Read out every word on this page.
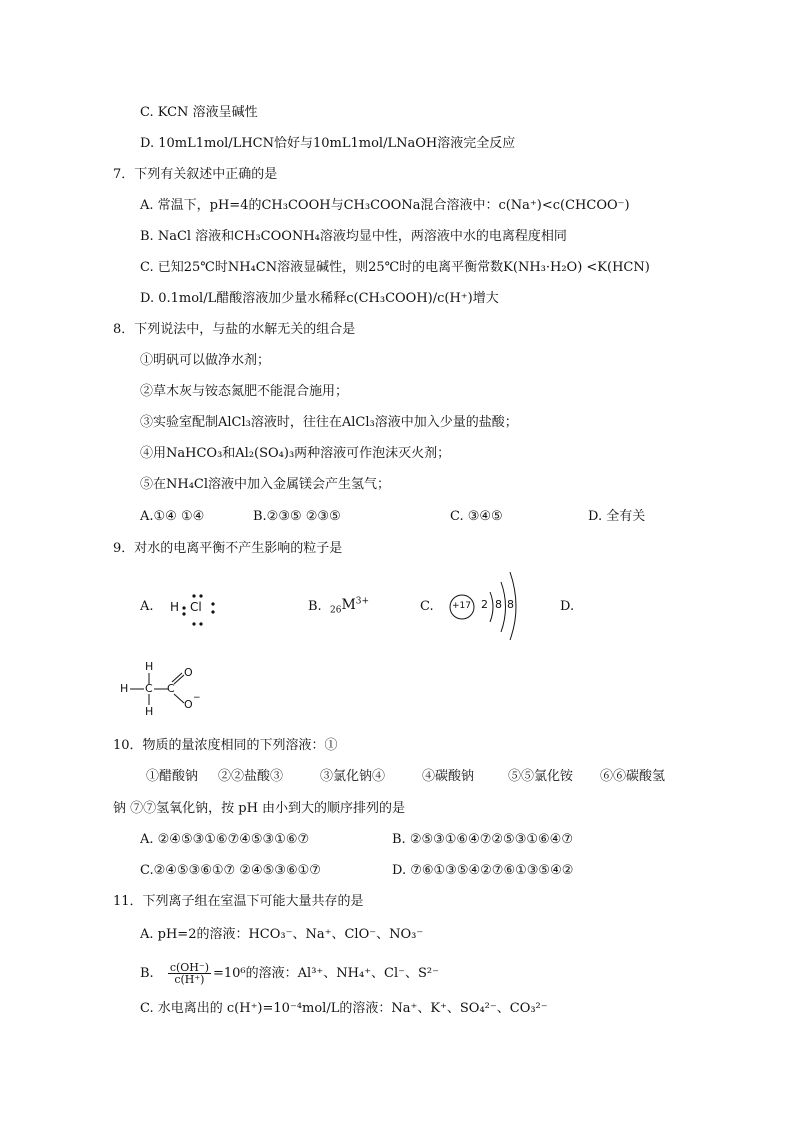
C. KCN 溶液呈碱性
D. 10mL1mol/LHCN恰好与10mL1mol/LNaOH溶液完全反应
7．下列有关叙述中正确的是
A. 常温下，pH=4的CH₃COOH与CH₃COONa混合溶液中：c(Na⁺)<c(CHCOO⁻)
B. NaCl 溶液和CH₃COONH₄溶液均显中性，两溶液中水的电离程度相同
C. 已知25℃时NH₄CN溶液显碱性，则25℃时的电离平衡常数K(NH₃·H₂O) <K(HCN)
D. 0.1mol/L醋酸溶液加少量水稀释c(CH₃COOH)/c(H⁺)增大
8．下列说法中，与盐的水解无关的组合是
①明矾可以做净水剂；
②草木灰与铵态氮肥不能混合施用；
③实验室配制AlCl₃溶液时，往往在AlCl₃溶液中加入少量的盐酸；
④用NaHCO₃和Al₂(SO₄)₃两种溶液可作泡沫灭火剂；
⑤在NH₄Cl溶液中加入金属镁会产生氢气；
A.①④ ①④	B.②③⑤ ②③⑤	C. ③④⑤	D. 全有关
9．对水的电离平衡不产生影响的粒子是
A. H Cl	B. $_{26}M^{3+}$	C. +17 2 8 8	D.
H
H
H
C C
O
O −
10．物质的量浓度相同的下列溶液：①
①醋酸钠 ②②盐酸③	③氯化钠④	④碳酸钠	⑤⑤氯化铵 ⑥⑥碳酸氢
钠 ⑦⑦氢氧化钠，按 pH 由小到大的顺序排列的是
A. ②④⑤③①⑥⑦④⑤③①⑥⑦	B. ②⑤③①⑥④⑦②⑤③①⑥④⑦
C.②④⑤③⑥①⑦ ②④⑤③⑥①⑦	D. ⑦⑥①③⑤④②⑦⑥①③⑤④②
11．下列离子组在室温下可能大量共存的是
A. pH=2的溶液：HCO₃⁻、Na⁺、ClO⁻、NO₃⁻
B. $\frac{c(OH^-)}{c(H^+)} =10^6$的溶液：Al³⁺、NH₄⁺、Cl⁻、S²⁻
C. 水电离出的 c(H⁺)=10⁻⁴mol/L的溶液：Na⁺、K⁺、SO₄²⁻、CO₃²⁻
